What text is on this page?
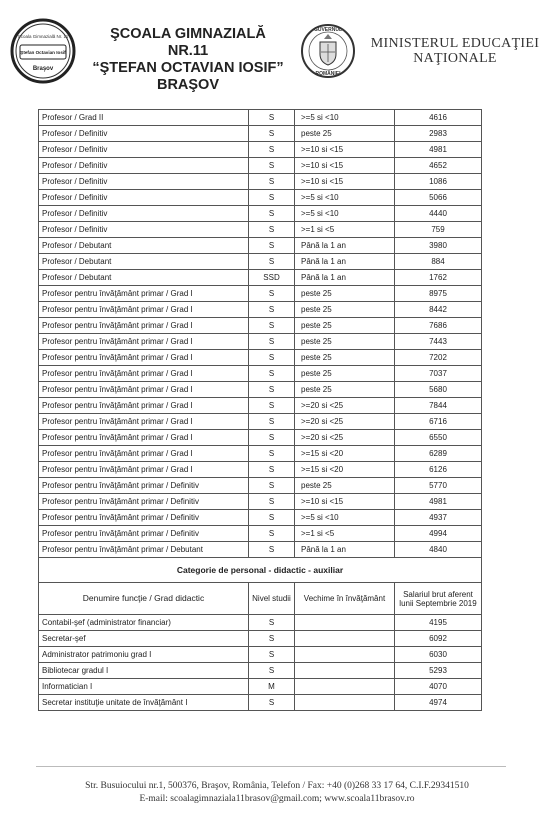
Şcoala Gimnazială Nr. 11
Ştefan Octavian Iosif
Braşov
ŞCOALA GIMNAZIALĂ NR.11
“ŞTEFAN OCTAVIAN IOSIF”
BRAŞOV
GUVERNUL
ROMÂNIEI
MINISTERUL EDUCAŢIEI
NAŢIONALE
Profesor / Grad II	S	>=5 si <10	4616
Profesor / Definitiv	S	peste 25	2983
Profesor / Definitiv	S	>=10 si <15	4981
Profesor / Definitiv	S	>=10 si <15	4652
Profesor / Definitiv	S	>=10 si <15	1086
Profesor / Definitiv	S	>=5 si <10	5066
Profesor / Definitiv	S	>=5 si <10	4440
Profesor / Definitiv	S	>=1 si <5	759
Profesor / Debutant	S	Până la 1 an	3980
Profesor / Debutant	S	Până la 1 an	884
Profesor / Debutant	SSD	Până la 1 an	1762
Profesor pentru învăţământ primar / Grad I	S	peste 25	8975
Profesor pentru învăţământ primar / Grad I	S	peste 25	8442
Profesor pentru învăţământ primar / Grad I	S	peste 25	7686
Profesor pentru învăţământ primar / Grad I	S	peste 25	7443
Profesor pentru învăţământ primar / Grad I	S	peste 25	7202
Profesor pentru învăţământ primar / Grad I	S	peste 25	7037
Profesor pentru învăţământ primar / Grad I	S	peste 25	5680
Profesor pentru învăţământ primar / Grad I	S	>=20 si <25	7844
Profesor pentru învăţământ primar / Grad I	S	>=20 si <25	6716
Profesor pentru învăţământ primar / Grad I	S	>=20 si <25	6550
Profesor pentru învăţământ primar / Grad I	S	>=15 si <20	6289
Profesor pentru învăţământ primar / Grad I	S	>=15 si <20	6126
Profesor pentru învăţământ primar / Definitiv	S	peste 25	5770
Profesor pentru învăţământ primar / Definitiv	S	>=10 si <15	4981
Profesor pentru învăţământ primar / Definitiv	S	>=5 si <10	4937
Profesor pentru învăţământ primar / Definitiv	S	>=1 si <5	4994
Profesor pentru învăţământ primar / Debutant	S	Până la 1 an	4840
Categorie de personal - didactic - auxiliar			
Denumire funcţie / Grad didactic	Nivel studii	Vechime în învăţământ	Salariul brut aferent lunii Septembrie 2019
Contabil-şef (administrator financiar)	S		4195
Secretar-şef	S		6092
Administrator patrimoniu grad I	S		6030
Bibliotecar gradul I	S		5293
Informatician I	M		4070
Secretar instituţie unitate de învăţământ I	S		4974
Str. Busuiocului nr.1, 500376, Braşov, România, Telefon / Fax: +40 (0)268 33 17 64, C.I.F.29341510
E-mail: scoalagimnaziala11brasov@gmail.com; www.scoala11brasov.ro
